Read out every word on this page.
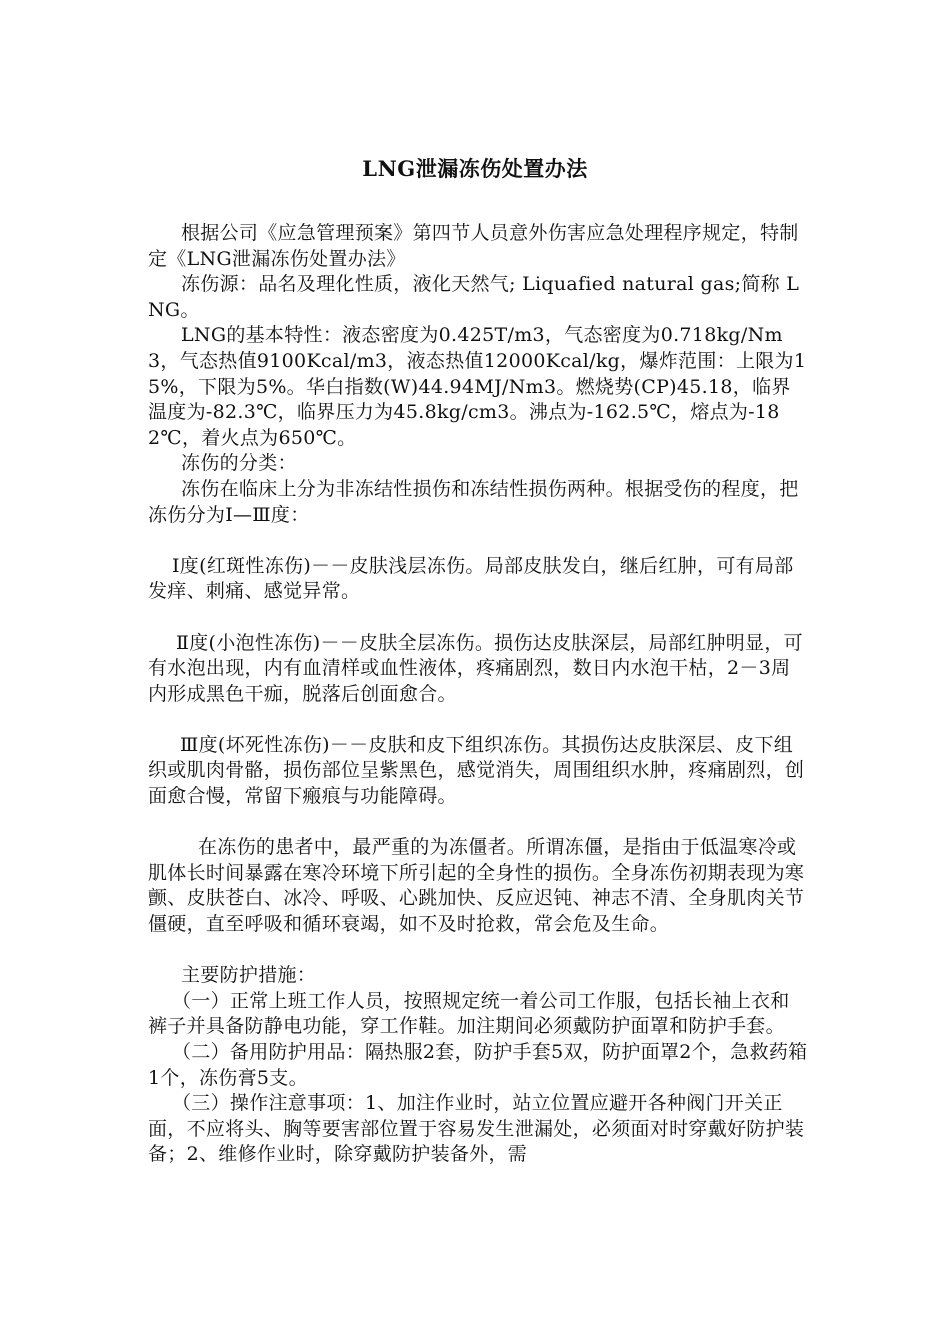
LNG泄漏冻伤处置办法

根据公司《应急管理预案》第四节人员意外伤害应急处理程序规定，特制定《LNG泄漏冻伤处置办法》

冻伤源：品名及理化性质，液化天然气; Liquafied natural gas;简称 LNG。

LNG的基本特性：液态密度为0.425T/m3，气态密度为0.718kg/Nm3，气态热值9100Kcal/m3，液态热值12000Kcal/kg，爆炸范围：上限为15%，下限为5%。华白指数(W)44.94MJ/Nm3。燃烧势(CP)45.18，临界温度为-82.3℃，临界压力为45.8kg/cm3。沸点为-162.5℃，熔点为-182℃，着火点为650℃。

冻伤的分类：

冻伤在临床上分为非冻结性损伤和冻结性损伤两种。根据受伤的程度，把冻伤分为Ⅰ—Ⅲ度：

Ⅰ度(红斑性冻伤)－－皮肤浅层冻伤。局部皮肤发白，继后红肿，可有局部发痒、刺痛、感觉异常。

Ⅱ度(小泡性冻伤)－－皮肤全层冻伤。损伤达皮肤深层，局部红肿明显，可有水泡出现，内有血清样或血性液体，疼痛剧烈，数日内水泡干枯，2－3周内形成黑色干痂，脱落后创面愈合。

Ⅲ度(坏死性冻伤)－－皮肤和皮下组织冻伤。其损伤达皮肤深层、皮下组织或肌肉骨骼，损伤部位呈紫黑色，感觉消失，周围组织水肿，疼痛剧烈，创面愈合慢，常留下瘢痕与功能障碍。

在冻伤的患者中，最严重的为冻僵者。所谓冻僵，是指由于低温寒冷或肌体长时间暴露在寒冷环境下所引起的全身性的损伤。全身冻伤初期表现为寒颤、皮肤苍白、冰冷、呼吸、心跳加快、反应迟钝、神志不清、全身肌肉关节僵硬，直至呼吸和循环衰竭，如不及时抢救，常会危及生命。

主要防护措施：

（一）正常上班工作人员，按照规定统一着公司工作服，包括长袖上衣和裤子并具备防静电功能，穿工作鞋。加注期间必须戴防护面罩和防护手套。

（二）备用防护用品：隔热服2套，防护手套5双，防护面罩2个，急救药箱1个，冻伤膏5支。

（三）操作注意事项：1、加注作业时，站立位置应避开各种阀门开关正面，不应将头、胸等要害部位置于容易发生泄漏处，必须面对时穿戴好防护装备；2、维修作业时，除穿戴防护装备外，需
